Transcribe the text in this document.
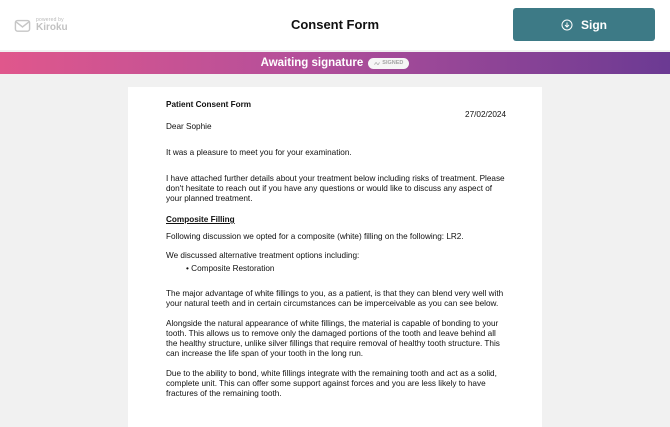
powered by
Kiroku	Consent Form	Sign
Awaiting signature	SIGNED

Patient Consent Form

27/02/2024

Dear Sophie

It was a pleasure to meet you for your examination.

I have attached further details about your treatment below including risks of treatment. Please don't hesitate to reach out if you have any questions or would like to discuss any aspect of your planned treatment.

Composite Filling

Following discussion we opted for a composite (white) filling on the following: LR2.

We discussed alternative treatment options including:

• Composite Restoration

The major advantage of white fillings to you, as a patient, is that they can blend very well with your natural teeth and in certain circumstances can be imperceivable as you can see below.

Alongside the natural appearance of white fillings, the material is capable of bonding to your tooth. This allows us to remove only the damaged portions of the tooth and leave behind all the healthy structure, unlike silver fillings that require removal of healthy tooth structure. This can increase the life span of your tooth in the long run.

Due to the ability to bond, white fillings integrate with the remaining tooth and act as a solid, complete unit. This can offer some support against forces and you are less likely to have fractures of the remaining tooth.
